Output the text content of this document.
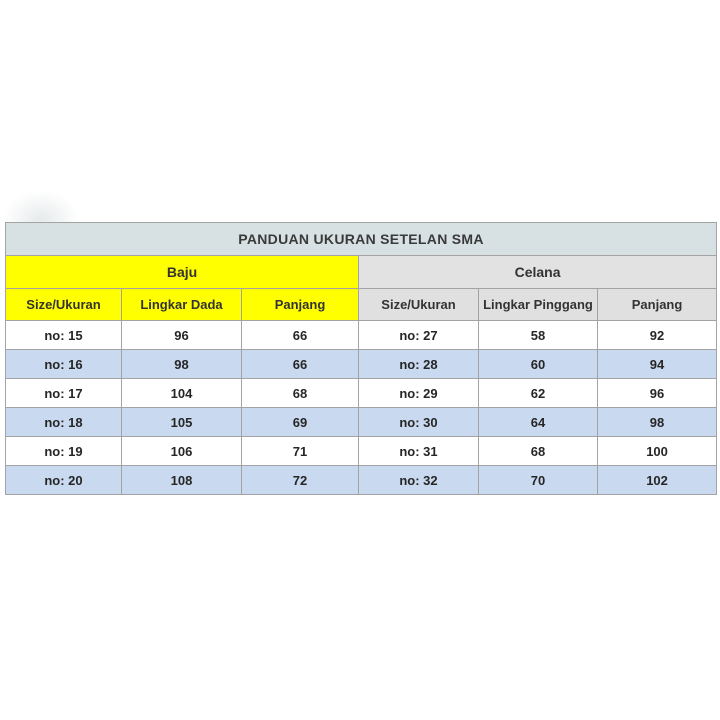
PANDUAN UKURAN SETELAN SMA					
Baju			Celana		
Size/Ukuran	Lingkar Dada	Panjang	Size/Ukuran	Lingkar Pinggang	Panjang
no: 15	96	66	no: 27	58	92
no: 16	98	66	no: 28	60	94
no: 17	104	68	no: 29	62	96
no: 18	105	69	no: 30	64	98
no: 19	106	71	no: 31	68	100
no: 20	108	72	no: 32	70	102
